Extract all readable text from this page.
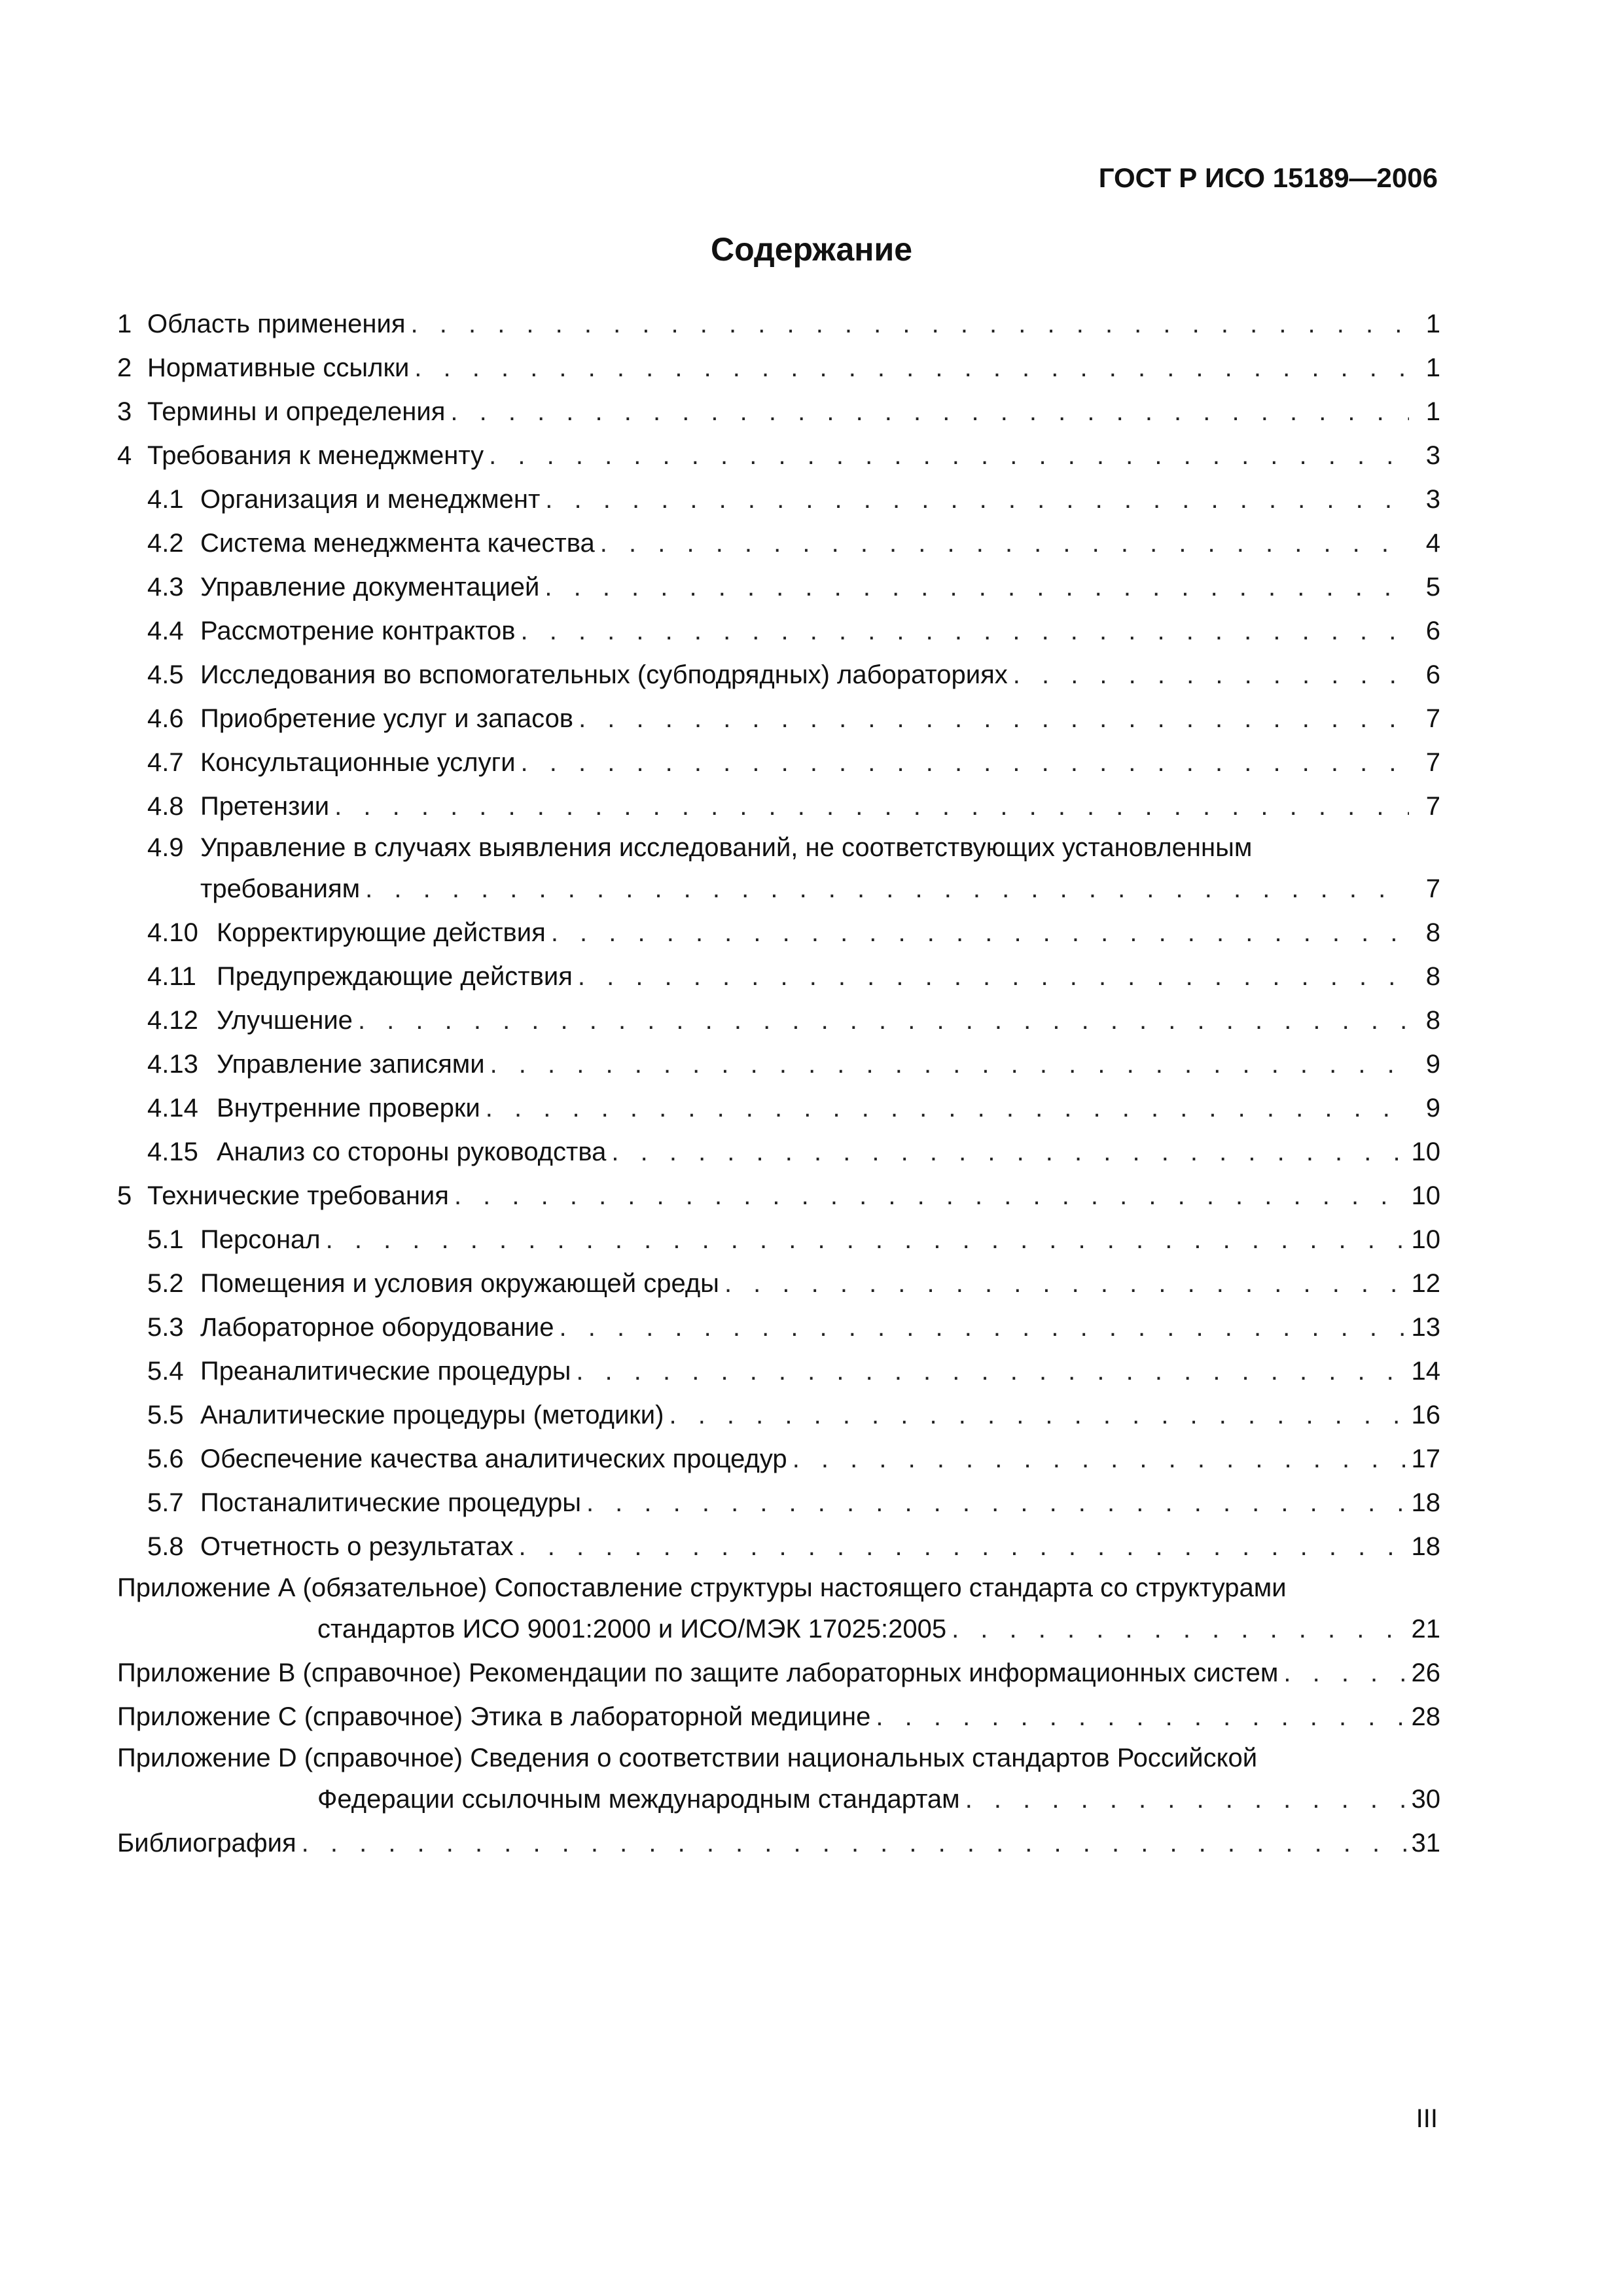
ГОСТ Р ИСО 15189—2006
Содержание
1 Область применения . . .	1
2 Нормативные ссылки . . .	1
3 Термины и определения . . .	1
4 Требования к менеджменту . . .	3
4.1 Организация и менеджмент . . .	3
4.2 Система менеджмента качества . . .	4
4.3 Управление документацией . . .	5
4.4 Рассмотрение контрактов . . .	6
4.5 Исследования во вспомогательных (субподрядных) лабораториях . . .	6
4.6 Приобретение услуг и запасов . . .	7
4.7 Консультационные услуги . . .	7
4.8 Претензии . . .	7
4.9 Управление в случаях выявления исследований, не соответствующих установленным
требованиям . . .	7
4.10 Корректирующие действия . . .	8
4.11 Предупреждающие действия . . .	8
4.12 Улучшение . . .	8
4.13 Управление записями . . .	9
4.14 Внутренние проверки . . .	9
4.15 Анализ со стороны руководства . . .	10
5 Технические требования . . .	10
5.1 Персонал . . .	10
5.2 Помещения и условия окружающей среды . . .	12
5.3 Лабораторное оборудование . . .	13
5.4 Преаналитические процедуры . . .	14
5.5 Аналитические процедуры (методики) . . .	16
5.6 Обеспечение качества аналитических процедур . . .	17
5.7 Постаналитические процедуры . . .	18
5.8 Отчетность о результатах . . .	18
Приложение А (обязательное) Сопоставление структуры настоящего стандарта со структурами
стандартов ИСО 9001:2000 и ИСО/МЭК 17025:2005 . . .	21
Приложение В (справочное) Рекомендации по защите лабораторных информационных систем . . .	26
Приложение С (справочное) Этика в лабораторной медицине . . .	28
Приложение D (справочное) Сведения о соответствии национальных стандартов Российской
Федерации ссылочным международным стандартам . . .	30
Библиография . . .	31
III
